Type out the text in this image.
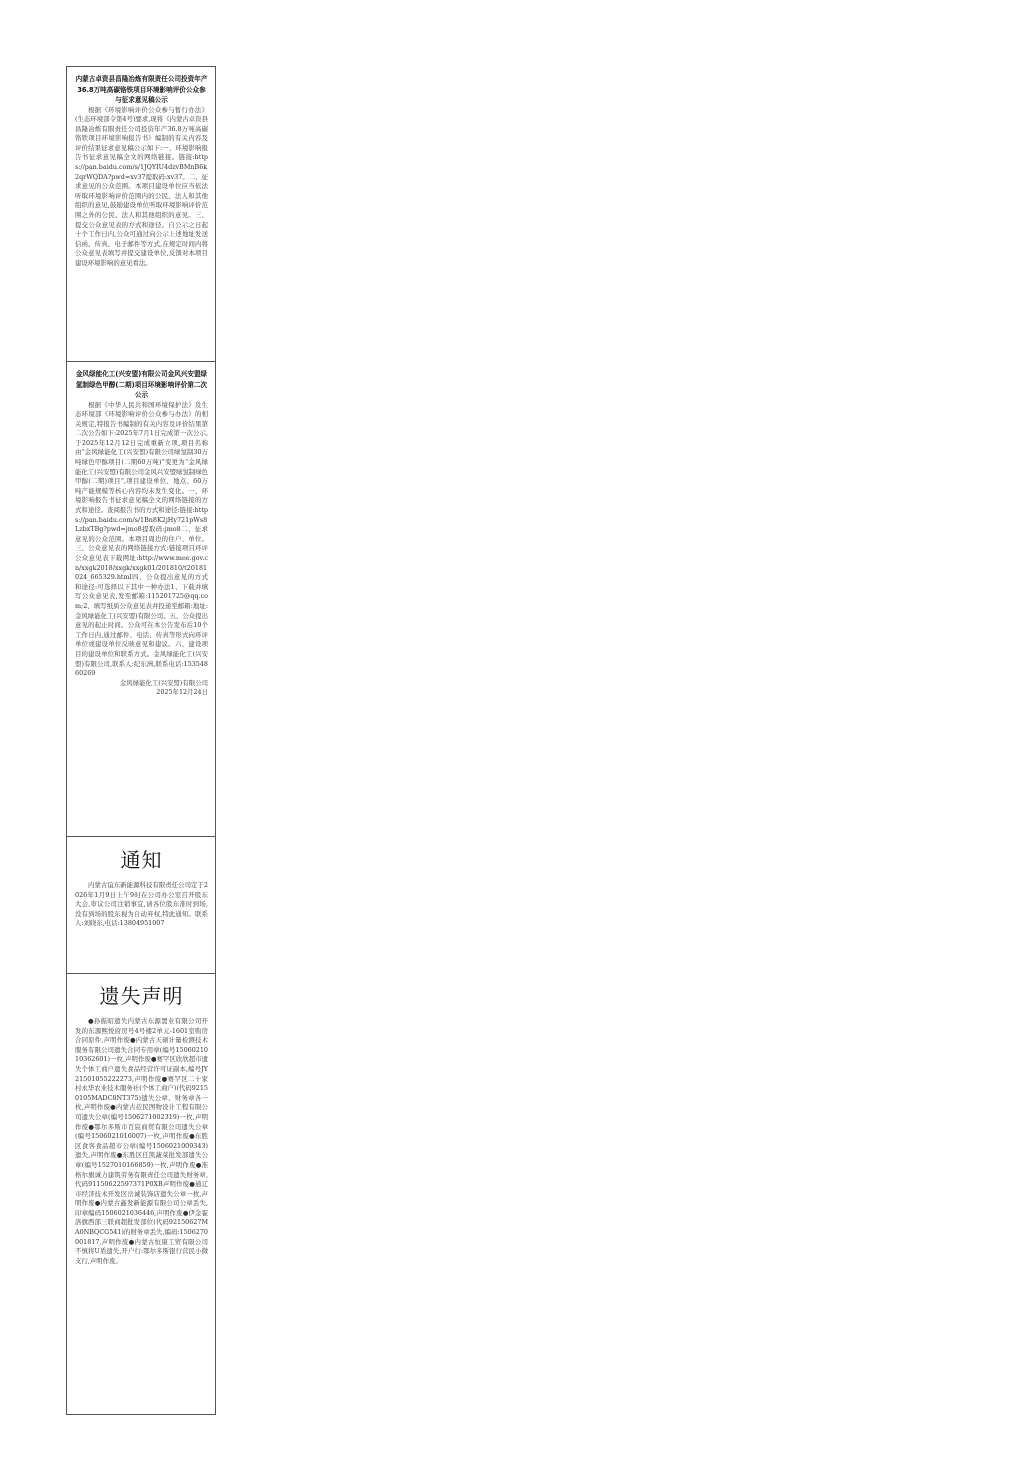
内蒙古卓资县昌隆冶炼有限责任公司投资年产36.8万吨高碳铬铁项目环境影响评价公众参与征求意见稿公示
根据《环境影响评价公众参与暂行办法》(生态环境部令第4号)要求,现将《内蒙古卓资县昌隆冶炼有限责任公司投资年产36.8万吨高碳铬铁项目环境影响报告书》编制的有关内容及评价结果征求意见稿公示如下:一、环境影响报告书征求意见稿全文的网络链接。链接:https://pan.baidu.com/s/1JQYIU4dzvBMnB6k2qrWQDA?pwd=xv37提取码:xv37。二、征求意见的公众范围。本项目建设单位应当依法听取环境影响评价范围内的公民、法人和其他组织的意见,鼓励建设单位听取环境影响评价范围之外的公民、法人和其他组织的意见。三、提交公众意见表的方式和途径。自公示之日起十个工作日内,公众可通过向公示上述地址发送信函、传真、电子邮件等方式,在规定时间内将公众意见表填写并提交建设单位,反馈对本项目建设环境影响的意见看法。
金风绿能化工(兴安盟)有限公司金风兴安盟绿氢制绿色甲醇(二期)项目环境影响评价第二次公示
根据《中华人民共和国环境保护法》及生态环境部《环境影响评价公众参与办法》的相关规定,特报告书编制的有关内容及评价结果第二次公告如下:2025年7月1日完成第一次公示,于2025年12月12日完成重新立项,项目名称由“金风绿能化工(兴安盟)有限公司绿氢制30万吨绿色甲醇项目(二期60万吨)”变更为“金风绿能化工(兴安盟)有限公司金风兴安盟绿氢制绿色甲醇(二期)项目”,项目建设单位、地点、60万吨产能规模等核心内容均未发生变化。一、环境影响报告书征求意见稿全文的网络链接的方式和途径。查阅报告书的方式和途径:链接:https://pan.baidu.com/s/1Bn8K2jHy721pWs8LzbxTBg?pwd=jmo8提取码:jmo8二、征求意见的公众范围。本项目周边的住户、单位。三、公众意见表的网络链接方式:链接项目环评公众意见表下载网址:http://www.mee.gov.cn/xxgk2018/xxgk/xxgk01/201810/t20181024_665329.html四、公众提出意见的方式和途径:可选择以下其中一种办法1、下载并填写公众意见表,发至邮箱:115201725@qq.com;2、填写纸质公众意见表并投递至邮箱:地址:金风绿能化工(兴安盟)有限公司。五、公众提出意见的起止时间。公众可在本公告发布后10个工作日内,通过邮件、电话、传真等形式向环评单位或建设单位反映意见和建议。六、建设项目的建设单位和联系方式。金风绿能化工(兴安盟)有限公司,联系人:纪东洲,联系电话:15354860269
金风绿能化工(兴安盟)有限公司
2025年12月24日
通知
内蒙古谊东新能源科技有限责任公司定于2026年1月9日上午9时在公司办公室召开股东大会,审议公司注销事宜,请各位股东准时到场,没有到场的股东视为自动弃权,特此通知。联系人:刘晓东,电话:13804951007
遗失声明
●孙振昭遗失内蒙古东源置业有限公司开发的东源熙悦府房号4号楼2单元-1601室购房合同原件,声明作废●内蒙古天硕计量检测技术服务有限公司遗失合同专用章(编号1506021010362601)一枚,声明作废●赛罕区欣欣超市遗失个体工商户遗失食品经营许可证副本,编号JY21501055222273,声明作废●赛罕区二十家村永华农业技术服务社(个体工商户)(代码92150105MADC8NT375)遗失公章、财务章各一枚,声明作废●内蒙古莅民图物设计工程有限公司遗失公章(编号1506271002319)一枚,声明作废●鄂尔多斯市百宸商贸有限公司遗失公章(编号1506021016007)一枚,声明作废●东胜区食客食品超市公章(编号1506021009343)遗失,声明作废●东胜区任凯蔬菜批发部遗失公章(编号1527010166859)一枚,声明作废●准格尔旗诚力建筑劳务有限责任公司遗失财务章,代码91150622597371P0XB声明作废●通辽市经济技术开发区岳诚装饰店遗失公章一枚,声明作废●内蒙古鑫发新能源有限公司公章丢失,印章编码1506021036446,声明作废●伊金霍洛旗西部三联商超批发部位(代码92150627MA0NBQCG541)的财务章丢失,编码:1506270001817,声明作废●内蒙古恒康工贸有限公司不慎将U盾遗失,开户行:鄂尔多斯银行营民小微支行,声明作废。
